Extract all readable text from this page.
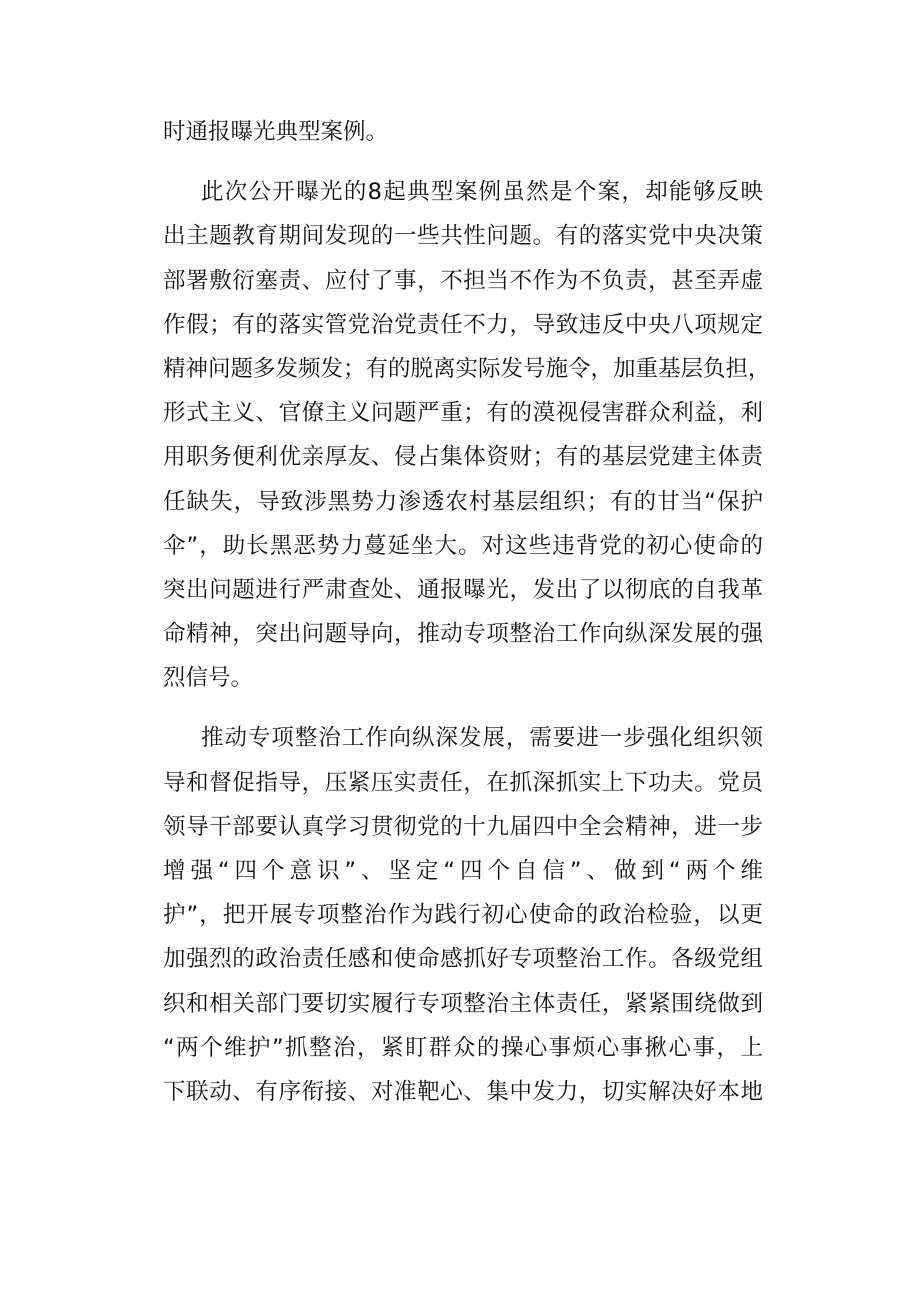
时通报曝光典型案例。
此次公开曝光的8起典型案例虽然是个案，却能够反映
出主题教育期间发现的一些共性问题。有的落实党中央决策
部署敷衍塞责、应付了事，不担当不作为不负责，甚至弄虚
作假；有的落实管党治党责任不力，导致违反中央八项规定
精神问题多发频发；有的脱离实际发号施令，加重基层负担，
形式主义、官僚主义问题严重；有的漠视侵害群众利益，利
用职务便利优亲厚友、侵占集体资财；有的基层党建主体责
任缺失，导致涉黑势力渗透农村基层组织；有的甘当“保护
伞”，助长黑恶势力蔓延坐大。对这些违背党的初心使命的
突出问题进行严肃查处、通报曝光，发出了以彻底的自我革
命精神，突出问题导向，推动专项整治工作向纵深发展的强
烈信号。
推动专项整治工作向纵深发展，需要进一步强化组织领
导和督促指导，压紧压实责任，在抓深抓实上下功夫。党员
领导干部要认真学习贯彻党的十九届四中全会精神，进一步
增强“四个意识”、坚定“四个自信”、做到“两个维
护”，把开展专项整治作为践行初心使命的政治检验，以更
加强烈的政治责任感和使命感抓好专项整治工作。各级党组
织和相关部门要切实履行专项整治主体责任，紧紧围绕做到
“两个维护”抓整治，紧盯群众的操心事烦心事揪心事，上
下联动、有序衔接、对准靶心、集中发力，切实解决好本地
